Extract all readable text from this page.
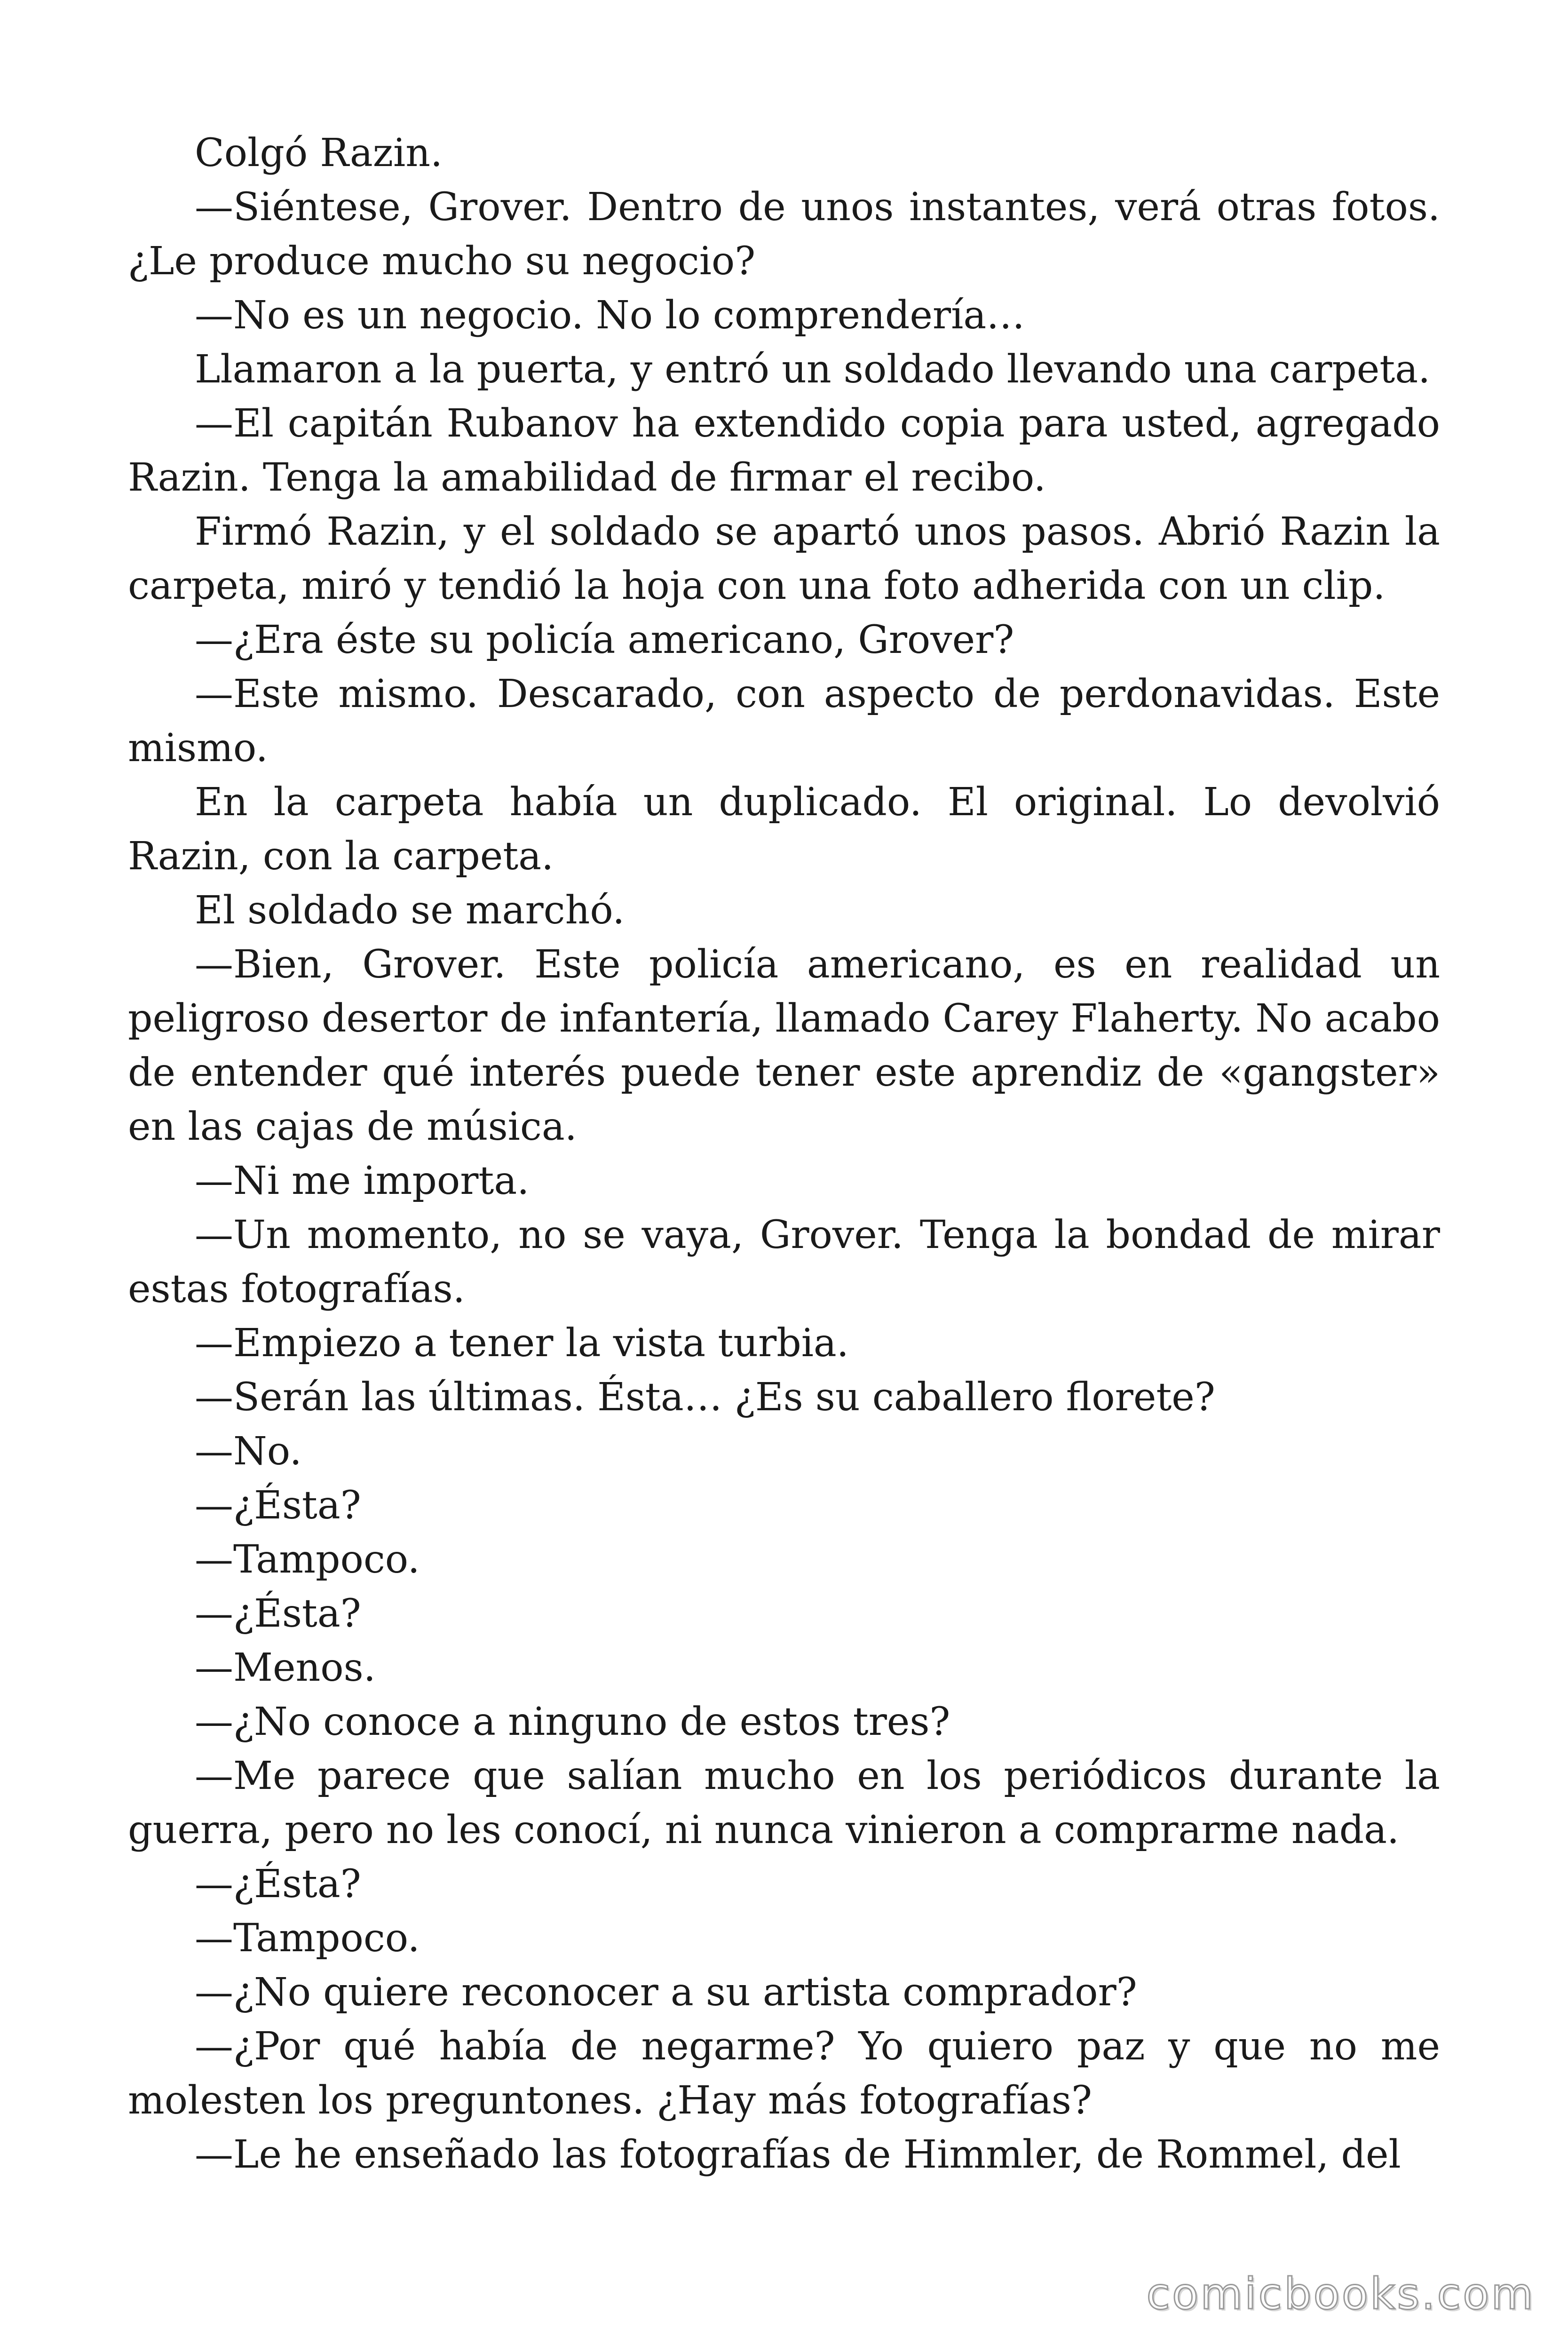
Colgó Razin.

—Siéntese, Grover. Dentro de unos instantes, verá otras fotos. ¿Le produce mucho su negocio?

—No es un negocio. No lo comprendería…

Llamaron a la puerta, y entró un soldado llevando una carpeta.

—El capitán Rubanov ha extendido copia para usted, agregado Razin. Tenga la amabilidad de firmar el recibo.

Firmó Razin, y el soldado se apartó unos pasos. Abrió Razin la carpeta, miró y tendió la hoja con una foto adherida con un clip.

—¿Era éste su policía americano, Grover?

—Este mismo. Descarado, con aspecto de perdonavidas. Este mismo.

En la carpeta había un duplicado. El original. Lo devolvió Razin, con la carpeta.

El soldado se marchó.

—Bien, Grover. Este policía americano, es en realidad un peligroso desertor de infantería, llamado Carey Flaherty. No acabo de entender qué interés puede tener este aprendiz de «gangster» en las cajas de música.

—Ni me importa.

—Un momento, no se vaya, Grover. Tenga la bondad de mirar estas fotografías.

—Empiezo a tener la vista turbia.

—Serán las últimas. Ésta… ¿Es su caballero florete?

—No.

—¿Ésta?

—Tampoco.

—¿Ésta?

—Menos.

—¿No conoce a ninguno de estos tres?

—Me parece que salían mucho en los periódicos durante la guerra, pero no les conocí, ni nunca vinieron a comprarme nada.

—¿Ésta?

—Tampoco.

—¿No quiere reconocer a su artista comprador?

—¿Por qué había de negarme? Yo quiero paz y que no me molesten los preguntones. ¿Hay más fotografías?

—Le he enseñado las fotografías de Himmler, de Rommel, del

comicbooks.com
